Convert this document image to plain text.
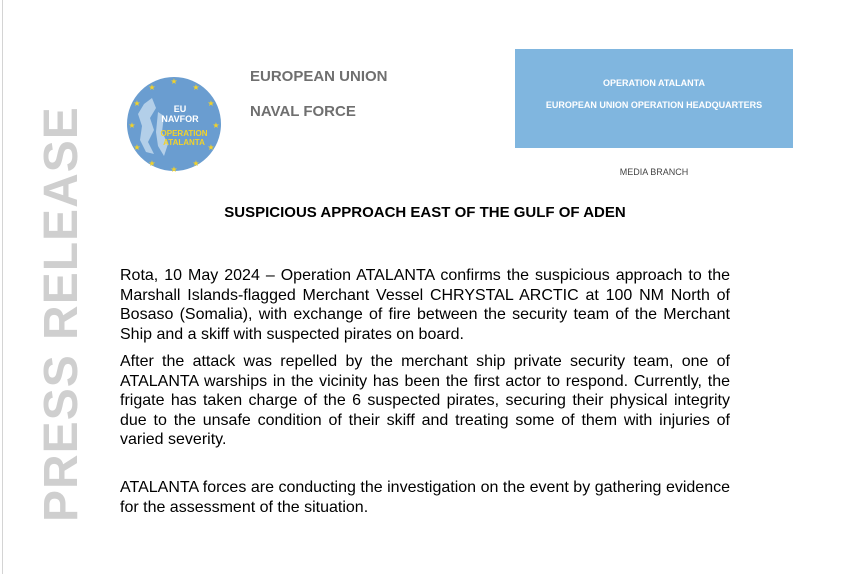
PRESS RELEASE
★
★
★
★
★
★
★
★
★
★
★
★
EU
NAVFOR
OPERATION
ATALANTA
EUROPEAN UNION
NAVAL FORCE
OPERATION ATALANTA
EUROPEAN UNION OPERATION HEADQUARTERS
MEDIA BRANCH
SUSPICIOUS APPROACH EAST OF THE GULF OF ADEN
Rota, 10 May 2024 – Operation ATALANTA confirms the suspicious approach to the Marshall Islands-flagged Merchant Vessel CHRYSTAL ARCTIC at 100 NM North of Bosaso (Somalia), with exchange of fire between the security team of the Merchant Ship and a skiff with suspected pirates on board.
After the attack was repelled by the merchant ship private security team, one of ATALANTA warships in the vicinity has been the first actor to respond. Currently, the frigate has taken charge of the 6 suspected pirates, securing their physical integrity due to the unsafe condition of their skiff and treating some of them with injuries of varied severity.
ATALANTA forces are conducting the investigation on the event by gathering evidence for the assessment of the situation.
